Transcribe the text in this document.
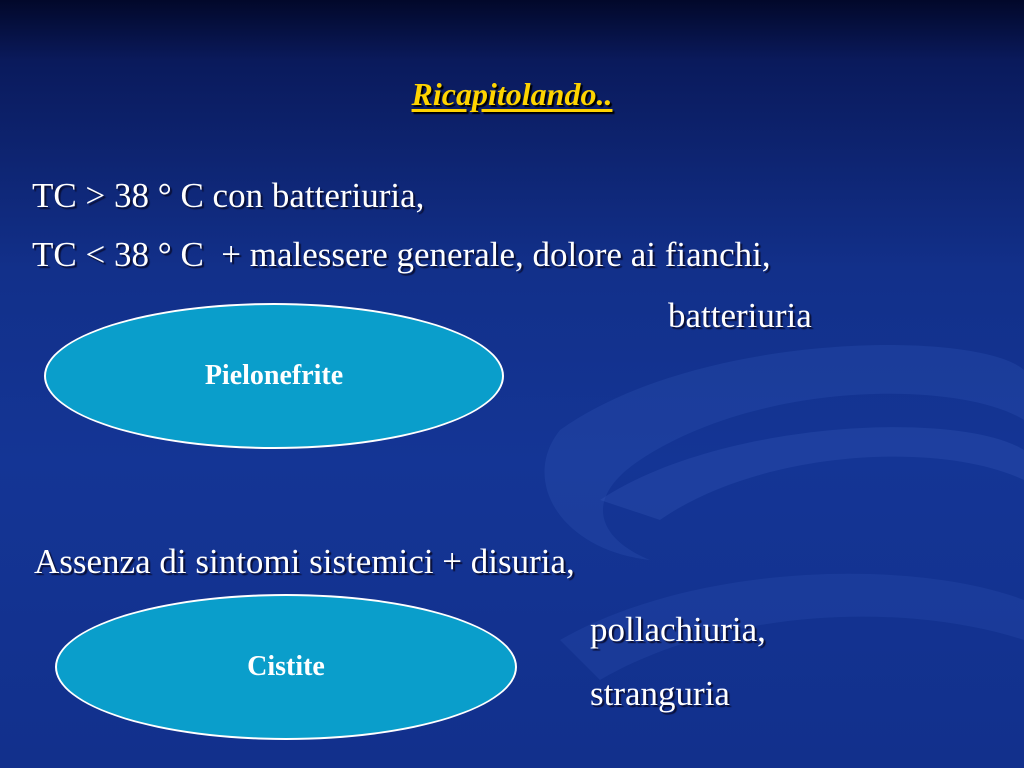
Ricapitolando..
TC > 38 ° C con batteriuria,
TC < 38 ° C  + malessere generale, dolore ai fianchi,
batteriuria
Pielonefrite
Assenza di sintomi sistemici + disuria,
pollachiuria,
stranguria
Cistite
